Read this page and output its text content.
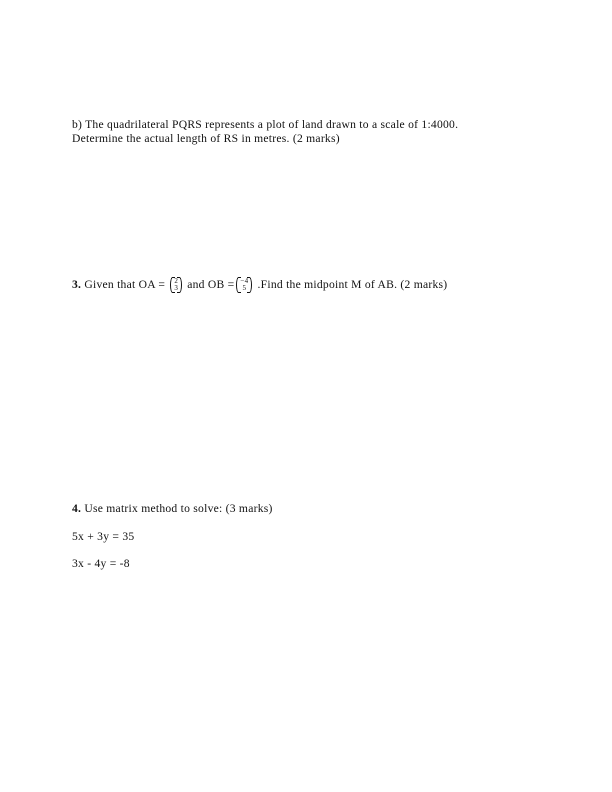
b) The quadrilateral PQRS represents a plot of land drawn to a scale of 1:4000.
Determine the actual length of RS in metres. (2 marks)
3. Given that OA = 2
3 and OB = −4
5 .Find the midpoint M of AB. (2 marks)
4. Use matrix method to solve: (3 marks)
5x + 3y = 35
3x - 4y = -8
